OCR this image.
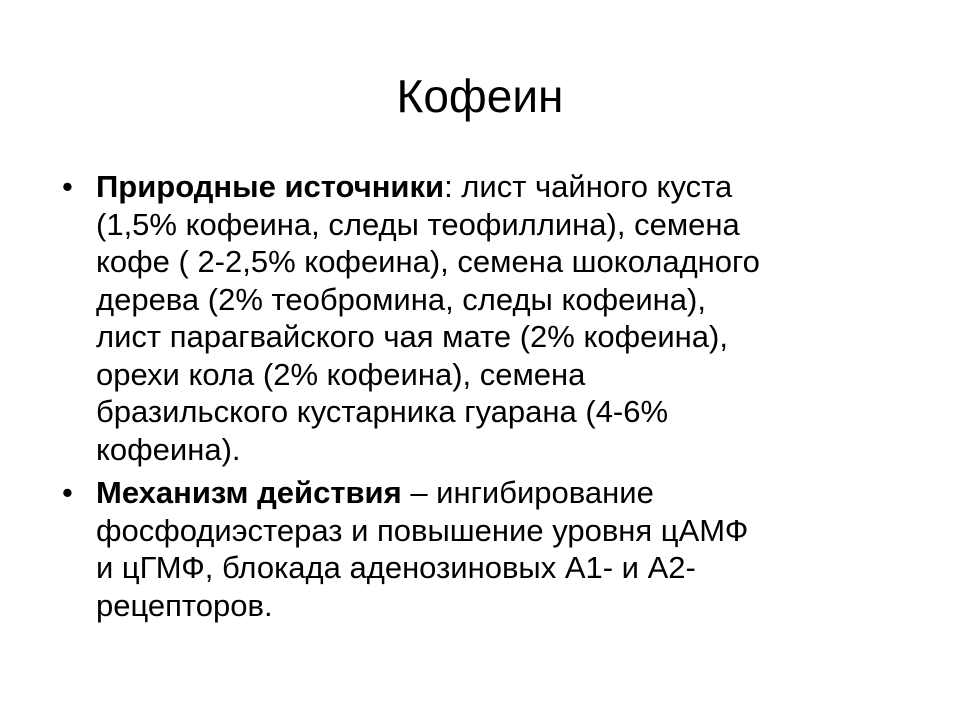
Кофеин
• Природные источники: лист чайного куста
(1,5% кофеина, следы теофиллина), семена
кофе ( 2-2,5% кофеина), семена шоколадного
дерева (2% теобромина, следы кофеина),
лист парагвайского чая мате (2% кофеина),
орехи кола (2% кофеина), семена
бразильского кустарника гуарана (4-6%
кофеина).
• Механизм действия – ингибирование
фосфодиэстераз и повышение уровня цАМФ
и цГМФ, блокада аденозиновых А1- и А2-
рецепторов.
